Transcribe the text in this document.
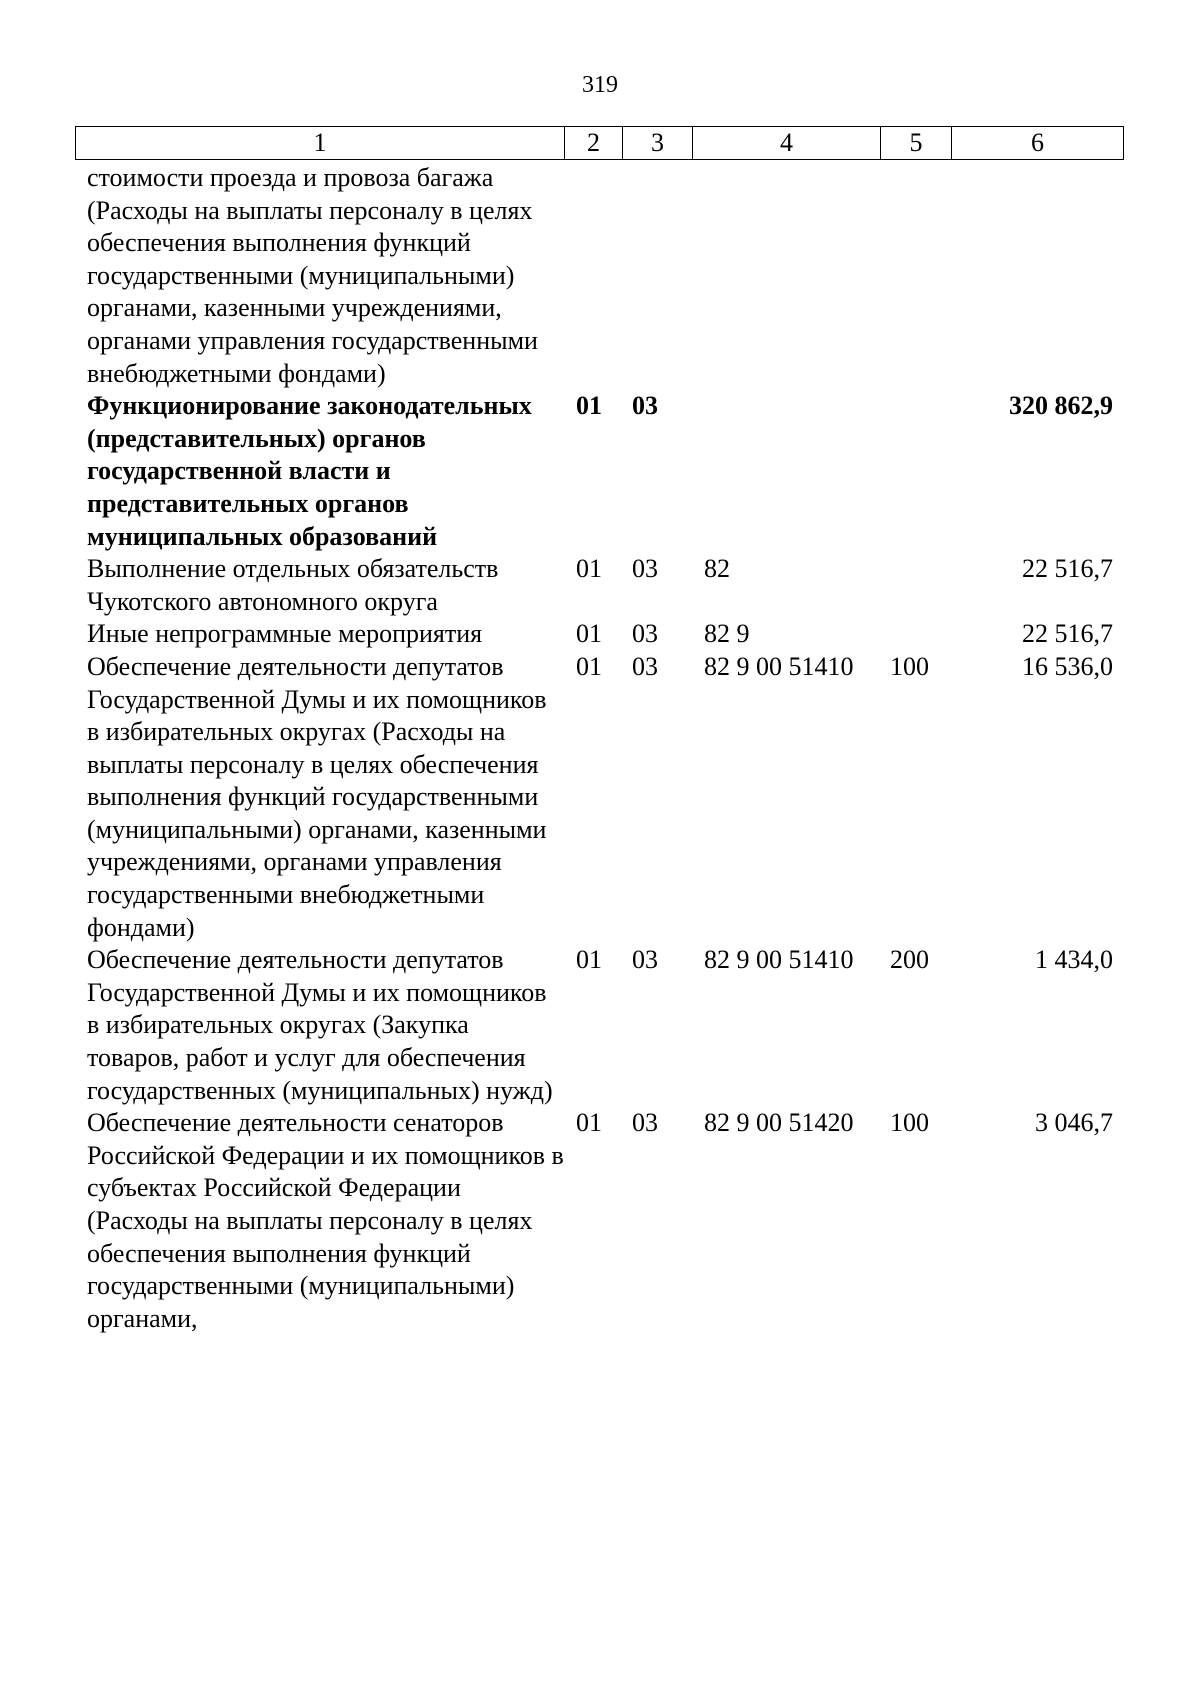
319
1	2	3	4	5	6
стоимости проезда и провоза багажа (Расходы на выплаты персоналу в целях обеспечения выполнения функций государственными (муниципальными) органами, казенными учреждениями, органами управления государственными внебюджетными фондами)					
Функционирование законодательных (представительных) органов государственной власти и представительных органов муниципальных образований	01	03			320 862,9
Выполнение отдельных обязательств Чукотского автономного округа	01	03	82		22 516,7
Иные непрограммные мероприятия	01	03	82 9		22 516,7
Обеспечение деятельности депутатов Государственной Думы и их помощников в избирательных округах (Расходы на выплаты персоналу в целях обеспечения выполнения функций государственными (муниципальными) органами, казенными учреждениями, органами управления государственными внебюджетными фондами)	01	03	82 9 00 51410	100	16 536,0
Обеспечение деятельности депутатов Государственной Думы и их помощников в избирательных округах (Закупка товаров, работ и услуг для обеспечения государственных (муниципальных) нужд)	01	03	82 9 00 51410	200	1 434,0
Обеспечение деятельности сенаторов Российской Федерации и их помощников в субъектах Российской Федерации (Расходы на выплаты персоналу в целях обеспечения выполнения функций государственными (муниципальными) органами,	01	03	82 9 00 51420	100	3 046,7
